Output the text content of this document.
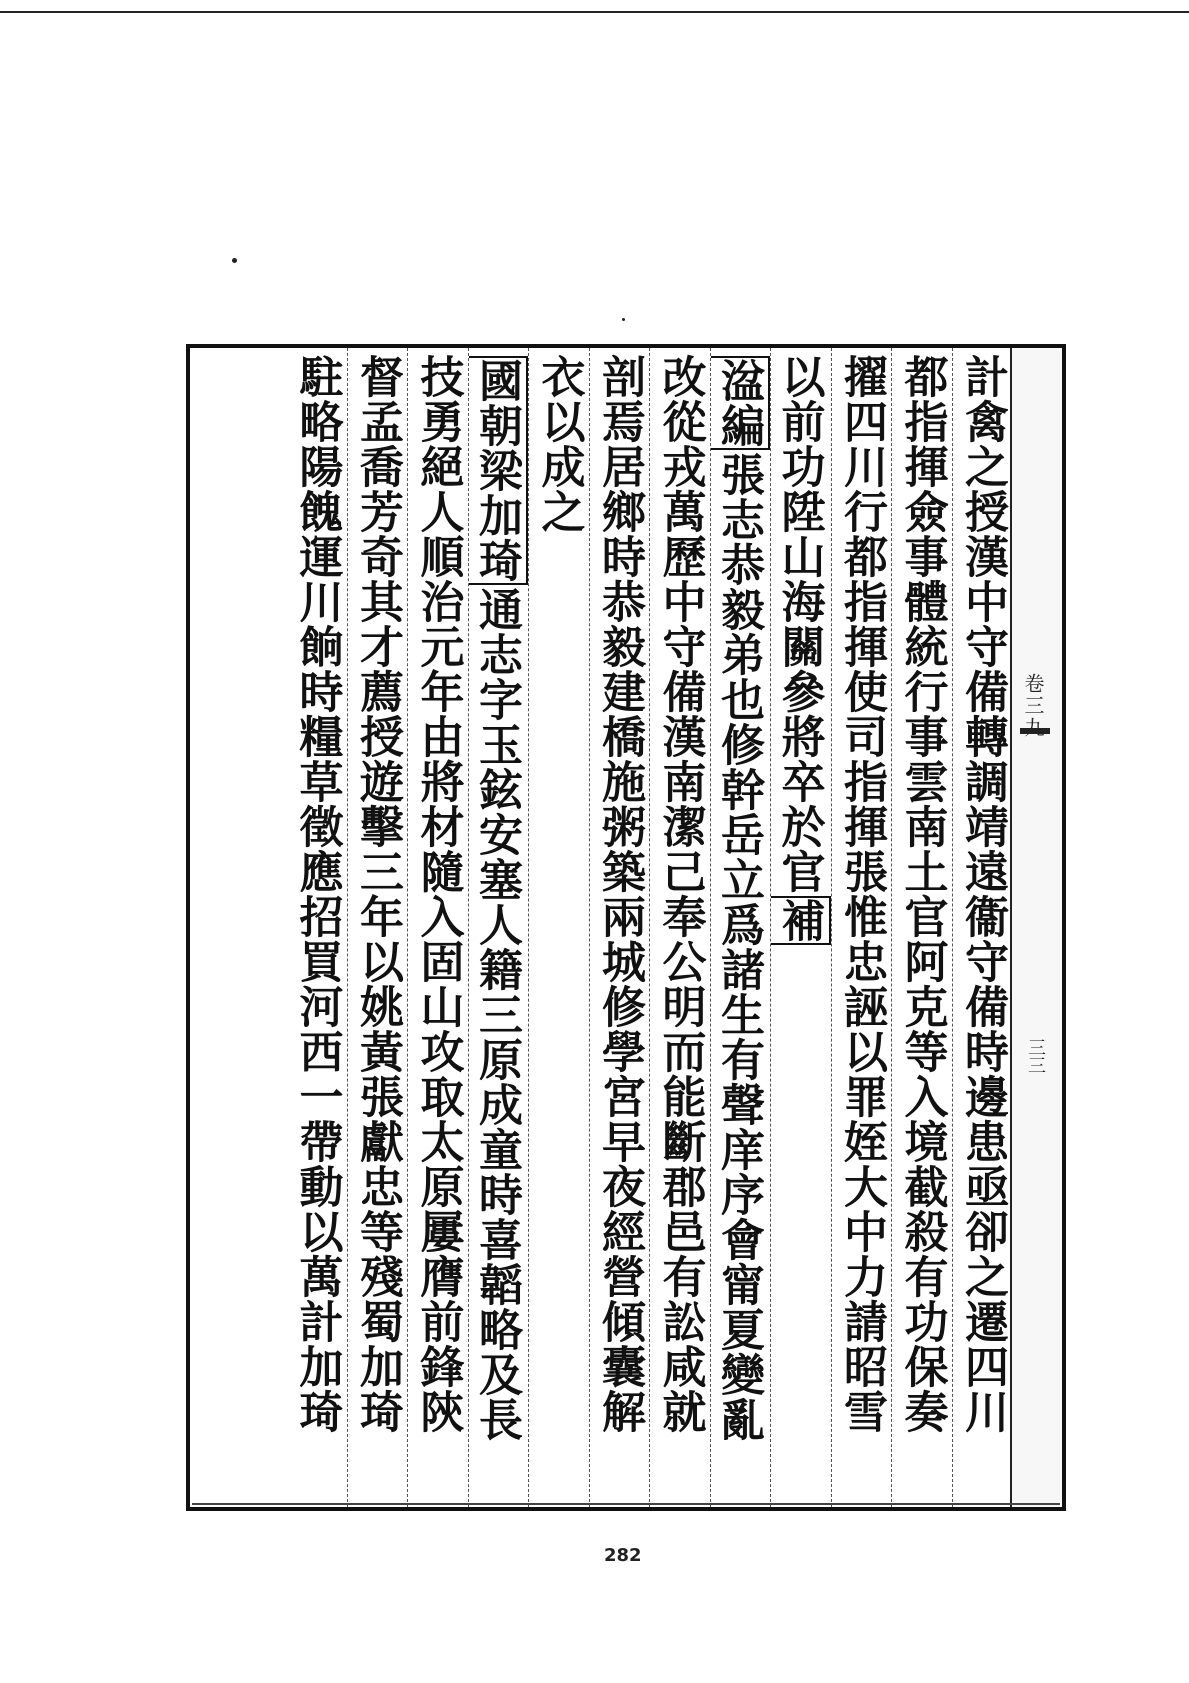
卷三九
三三
計禽之授漢中守備轉調靖遠衞守備時邊患亟卻之遷四川
都指揮僉事體統行事雲南土官阿克等入境截殺有功保奏
擢四川行都指揮使司指揮張惟忠誣以罪姪大中力請昭雪
以前功陞山海關參將卒於官補
湓編張志恭毅弟也修幹岳立爲諸生有聲庠序會甯夏變亂
改從戎萬歷中守備漢南潔己奉公明而能斷郡邑有訟咸就
剖焉居鄉時恭毅建橋施粥築兩城修學宮早夜經營傾囊解
衣以成之
國朝梁加琦通志字玉鉉安塞人籍三原成童時喜韜略及長
技勇絕人順治元年由將材隨入固山攻取太原屢膺前鋒陝
督孟喬芳奇其才薦授遊擊三年以姚黃張獻忠等殘蜀加琦
駐略陽餽運川餉時糧草徵應招買河西一帶動以萬計加琦
282
